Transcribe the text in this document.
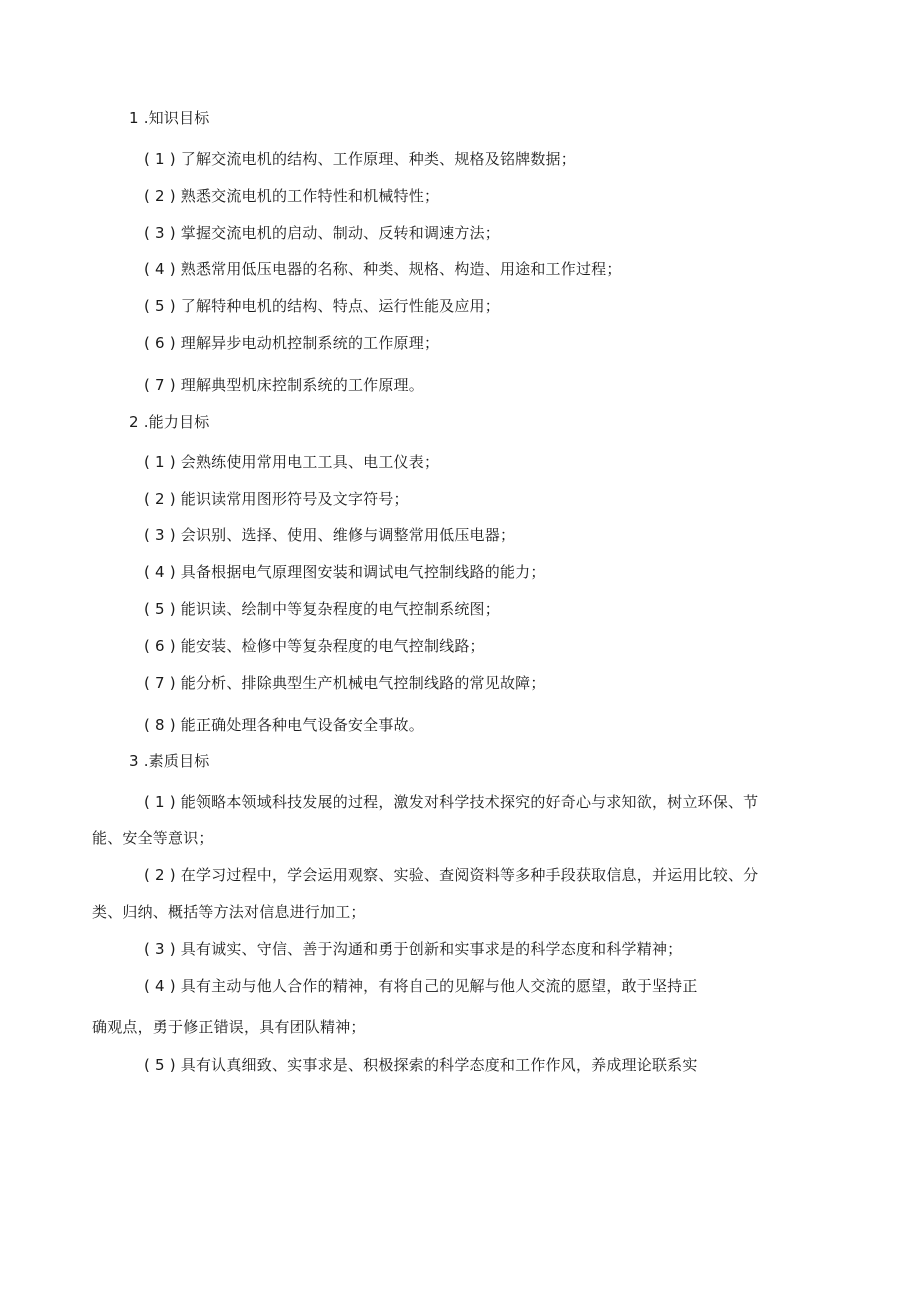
1 .知识目标

( 1 ) 了解交流电机的结构、工作原理、种类、规格及铭牌数据；

( 2 ) 熟悉交流电机的工作特性和机械特性；

( 3 ) 掌握交流电机的启动、制动、反转和调速方法；

( 4 ) 熟悉常用低压电器的名称、种类、规格、构造、用途和工作过程；

( 5 ) 了解特种电机的结构、特点、运行性能及应用；

( 6 ) 理解异步电动机控制系统的工作原理；

( 7 ) 理解典型机床控制系统的工作原理。

2 .能力目标

( 1 ) 会熟练使用常用电工工具、电工仪表；

( 2 ) 能识读常用图形符号及文字符号；

( 3 ) 会识别、选择、使用、维修与调整常用低压电器；

( 4 ) 具备根据电气原理图安装和调试电气控制线路的能力；

( 5 ) 能识读、绘制中等复杂程度的电气控制系统图；

( 6 ) 能安装、检修中等复杂程度的电气控制线路；

( 7 ) 能分析、排除典型生产机械电气控制线路的常见故障；

( 8 ) 能正确处理各种电气设备安全事故。

3 .素质目标

( 1 ) 能领略本领域科技发展的过程，激发对科学技术探究的好奇心与求知欲，树立环保、节

能、安全等意识；

( 2 ) 在学习过程中，学会运用观察、实验、查阅资料等多种手段获取信息，并运用比较、分

类、归纳、概括等方法对信息进行加工；

( 3 ) 具有诚实、守信、善于沟通和勇于创新和实事求是的科学态度和科学精神；

( 4 ) 具有主动与他人合作的精神，有将自己的见解与他人交流的愿望，敢于坚持正

确观点，勇于修正错误，具有团队精神；

( 5 ) 具有认真细致、实事求是、积极探索的科学态度和工作作风，养成理论联系实
